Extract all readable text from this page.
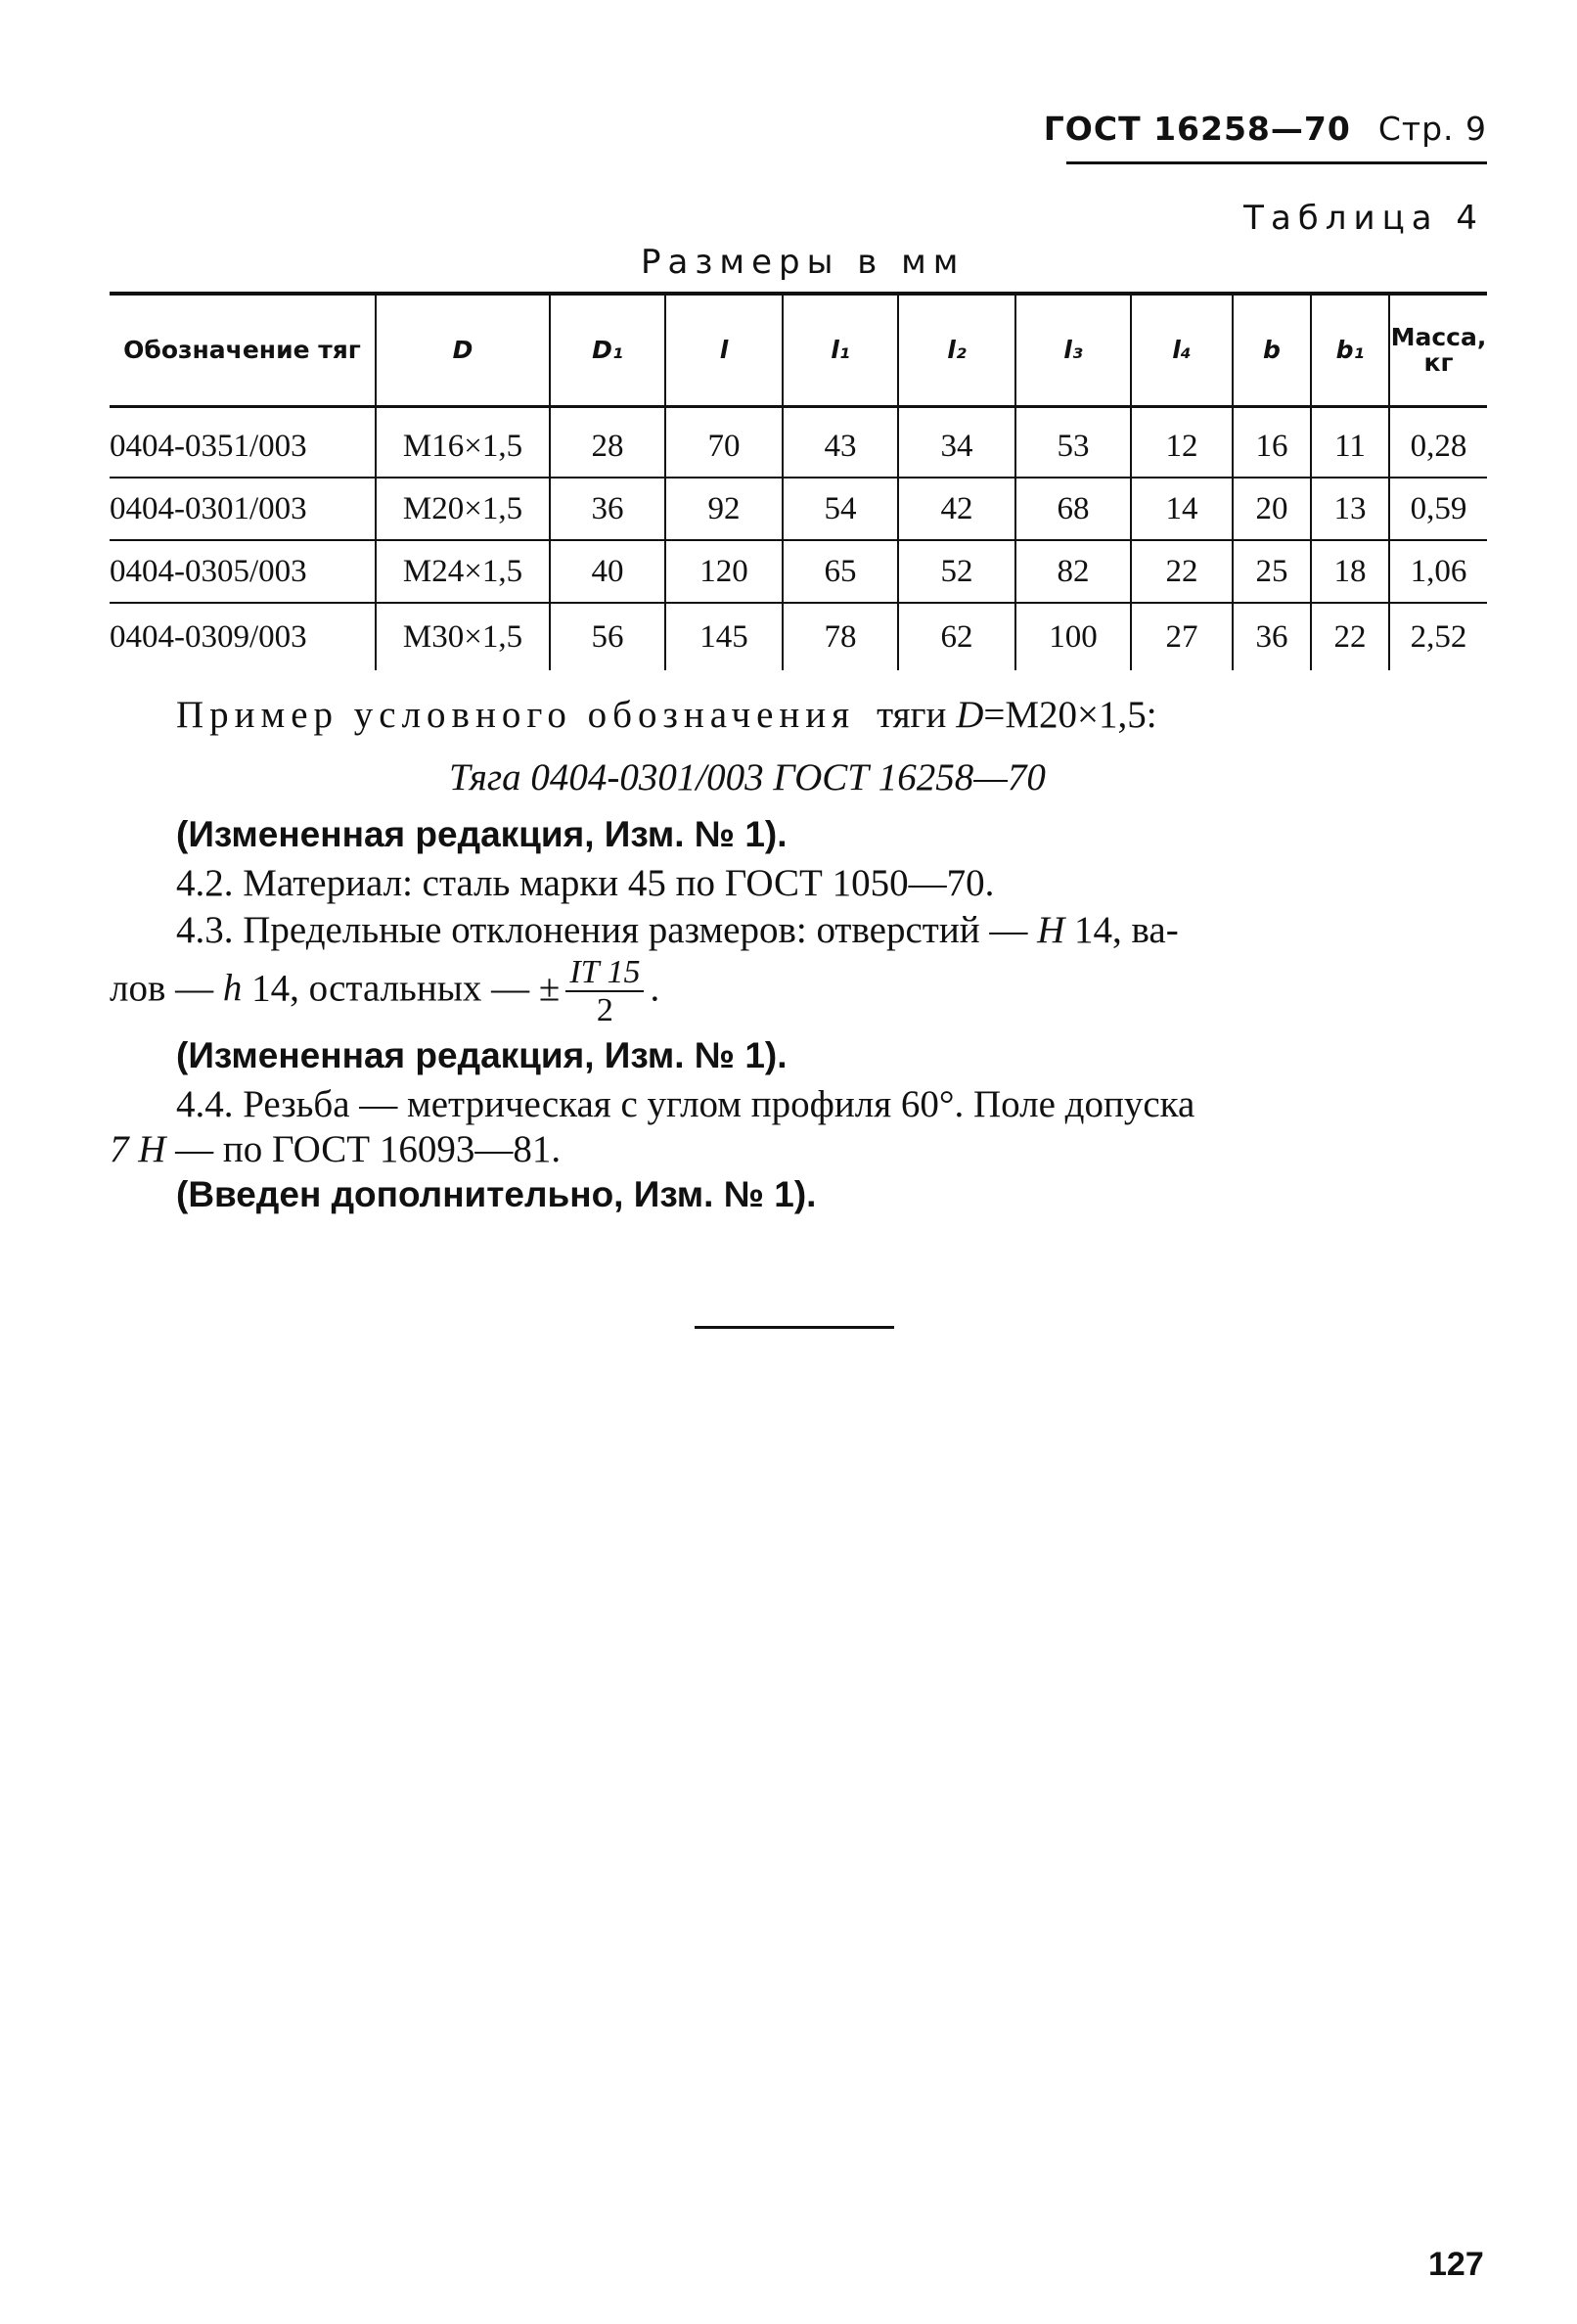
ГОСТ 16258—70 Стр. 9
Таблица 4
Размеры в мм
Обозначение тяг	D	D₁	l	l₁	l₂	l₃	l₄	b	b₁	Масса, кг
0404-0351/003	M16×1,5	28	70	43	34	53	12	16	11	0,28
0404-0301/003	M20×1,5	36	92	54	42	68	14	20	13	0,59
0404-0305/003	M24×1,5	40	120	65	52	82	22	25	18	1,06
0404-0309/003	M30×1,5	56	145	78	62	100	27	36	22	2,52
Пример условного обозначения тяги D=M20×1,5:
Тяга 0404-0301/003 ГОСТ 16258—70
(Измененная редакция, Изм. № 1).
4.2. Материал: сталь марки 45 по ГОСТ 1050—70.
4.3. Предельные отклонения размеров: отверстий — H 14, ва-
лов — h 14, остальных — ± $\frac{IT 15}{2}$ .
(Измененная редакция, Изм. № 1).
4.4. Резьба — метрическая с углом профиля 60°. Поле допуска
7 H — по ГОСТ 16093—81.
(Введен дополнительно, Изм. № 1).
127
